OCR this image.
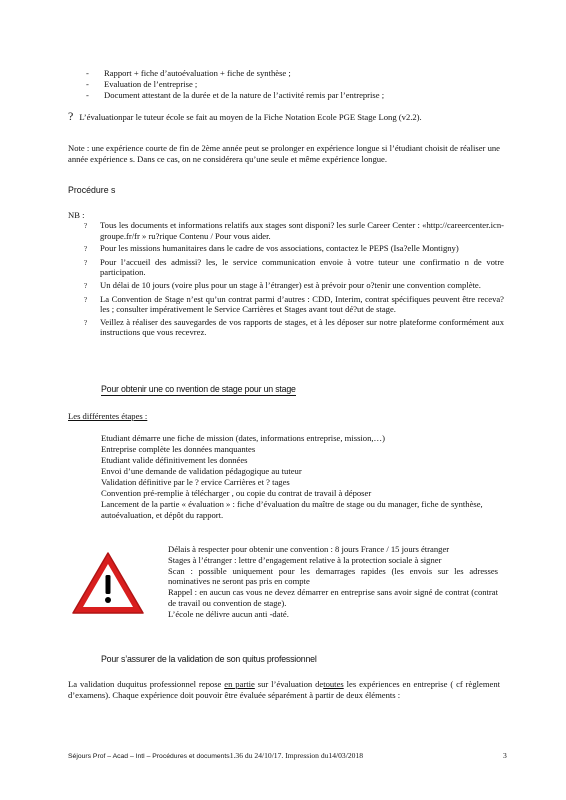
-	Rapport + fiche d’autoévaluation + fiche de synthèse ;
-	Evaluation de l’entreprise ;
-	Document attestant de la durée et de la nature de l’activité remis par l’entreprise ;
? L’évaluationpar le tuteur école se fait au moyen de la Fiche Notation Ecole PGE Stage Long (v2.2).
Note : une expérience courte de fin de 2ème année peut se prolonger en expérience longue si l’étudiant choisit de réaliser une année expérience s. Dans ce cas, on ne considérera qu’une seule et même expérience longue.
Procédure s
NB :
?	Tous les documents et informations relatifs aux stages sont disponi? les surle Career Center : «http://careercenter.icn-groupe.fr/fr » ru?rique Contenu / Pour vous aider.
?	Pour les missions humanitaires dans le cadre de vos associations, contactez le PEPS (Isa?elle Montigny)
?	Pour l’accueil des admissi? les, le service communication envoie à votre tuteur une confirmatio n de votre participation.
?	Un délai de 10 jours (voire plus pour un stage à l’étranger) est à prévoir pour o?tenir une convention complète.
?	La Convention de Stage n’est qu’un contrat parmi d’autres : CDD, Interim, contrat spécifiques peuvent être receva?les ; consulter impérativement le Service Carrières et Stages avant tout dé?ut de stage.
?	Veillez à réaliser des sauvegardes de vos rapports de stages, et à les déposer sur notre plateforme conformément aux instructions que vous recevrez.
Pour obtenir une co nvention de stage pour un stage
Les différentes étapes :
Etudiant démarre une fiche de mission (dates, informations entreprise, mission,…)
Entreprise complète les données manquantes
Etudiant valide définitivement les données
Envoi d’une demande de validation pédagogique au tuteur
Validation définitive par le ? ervice Carrières et ? tages
Convention pré-remplie à télécharger , ou copie du contrat de travail à déposer
Lancement de la partie « évaluation » : fiche d’évaluation du maître de stage ou du manager, fiche de synthèse, autoévaluation, et dépôt du rapport.
Délais à respecter pour obtenir une convention : 8 jours France / 15 jours étranger
Stages à l’étranger : lettre d’engagement relative à la protection sociale à signer
Scan : possible uniquement pour les demarrages rapides (les envois sur les adresses nominatives ne seront pas pris en compte
Rappel : en aucun cas vous ne devez démarrer en entreprise sans avoir signé de contrat (contrat de travail ou convention de stage).
L’école ne délivre aucun anti -daté.
Pour s’assurer de la validation de son quitus professionnel
La validation duquitus professionnel repose en partie sur l’évaluation detoutes les expériences en entreprise ( cf règlement d’examens). Chaque expérience doit pouvoir être évaluée séparément à partir de deux éléments :
Séjours Prof – Acad – Intl – Procédures et documents1.36 du 24/10/17. Impression du14/03/2018	3
